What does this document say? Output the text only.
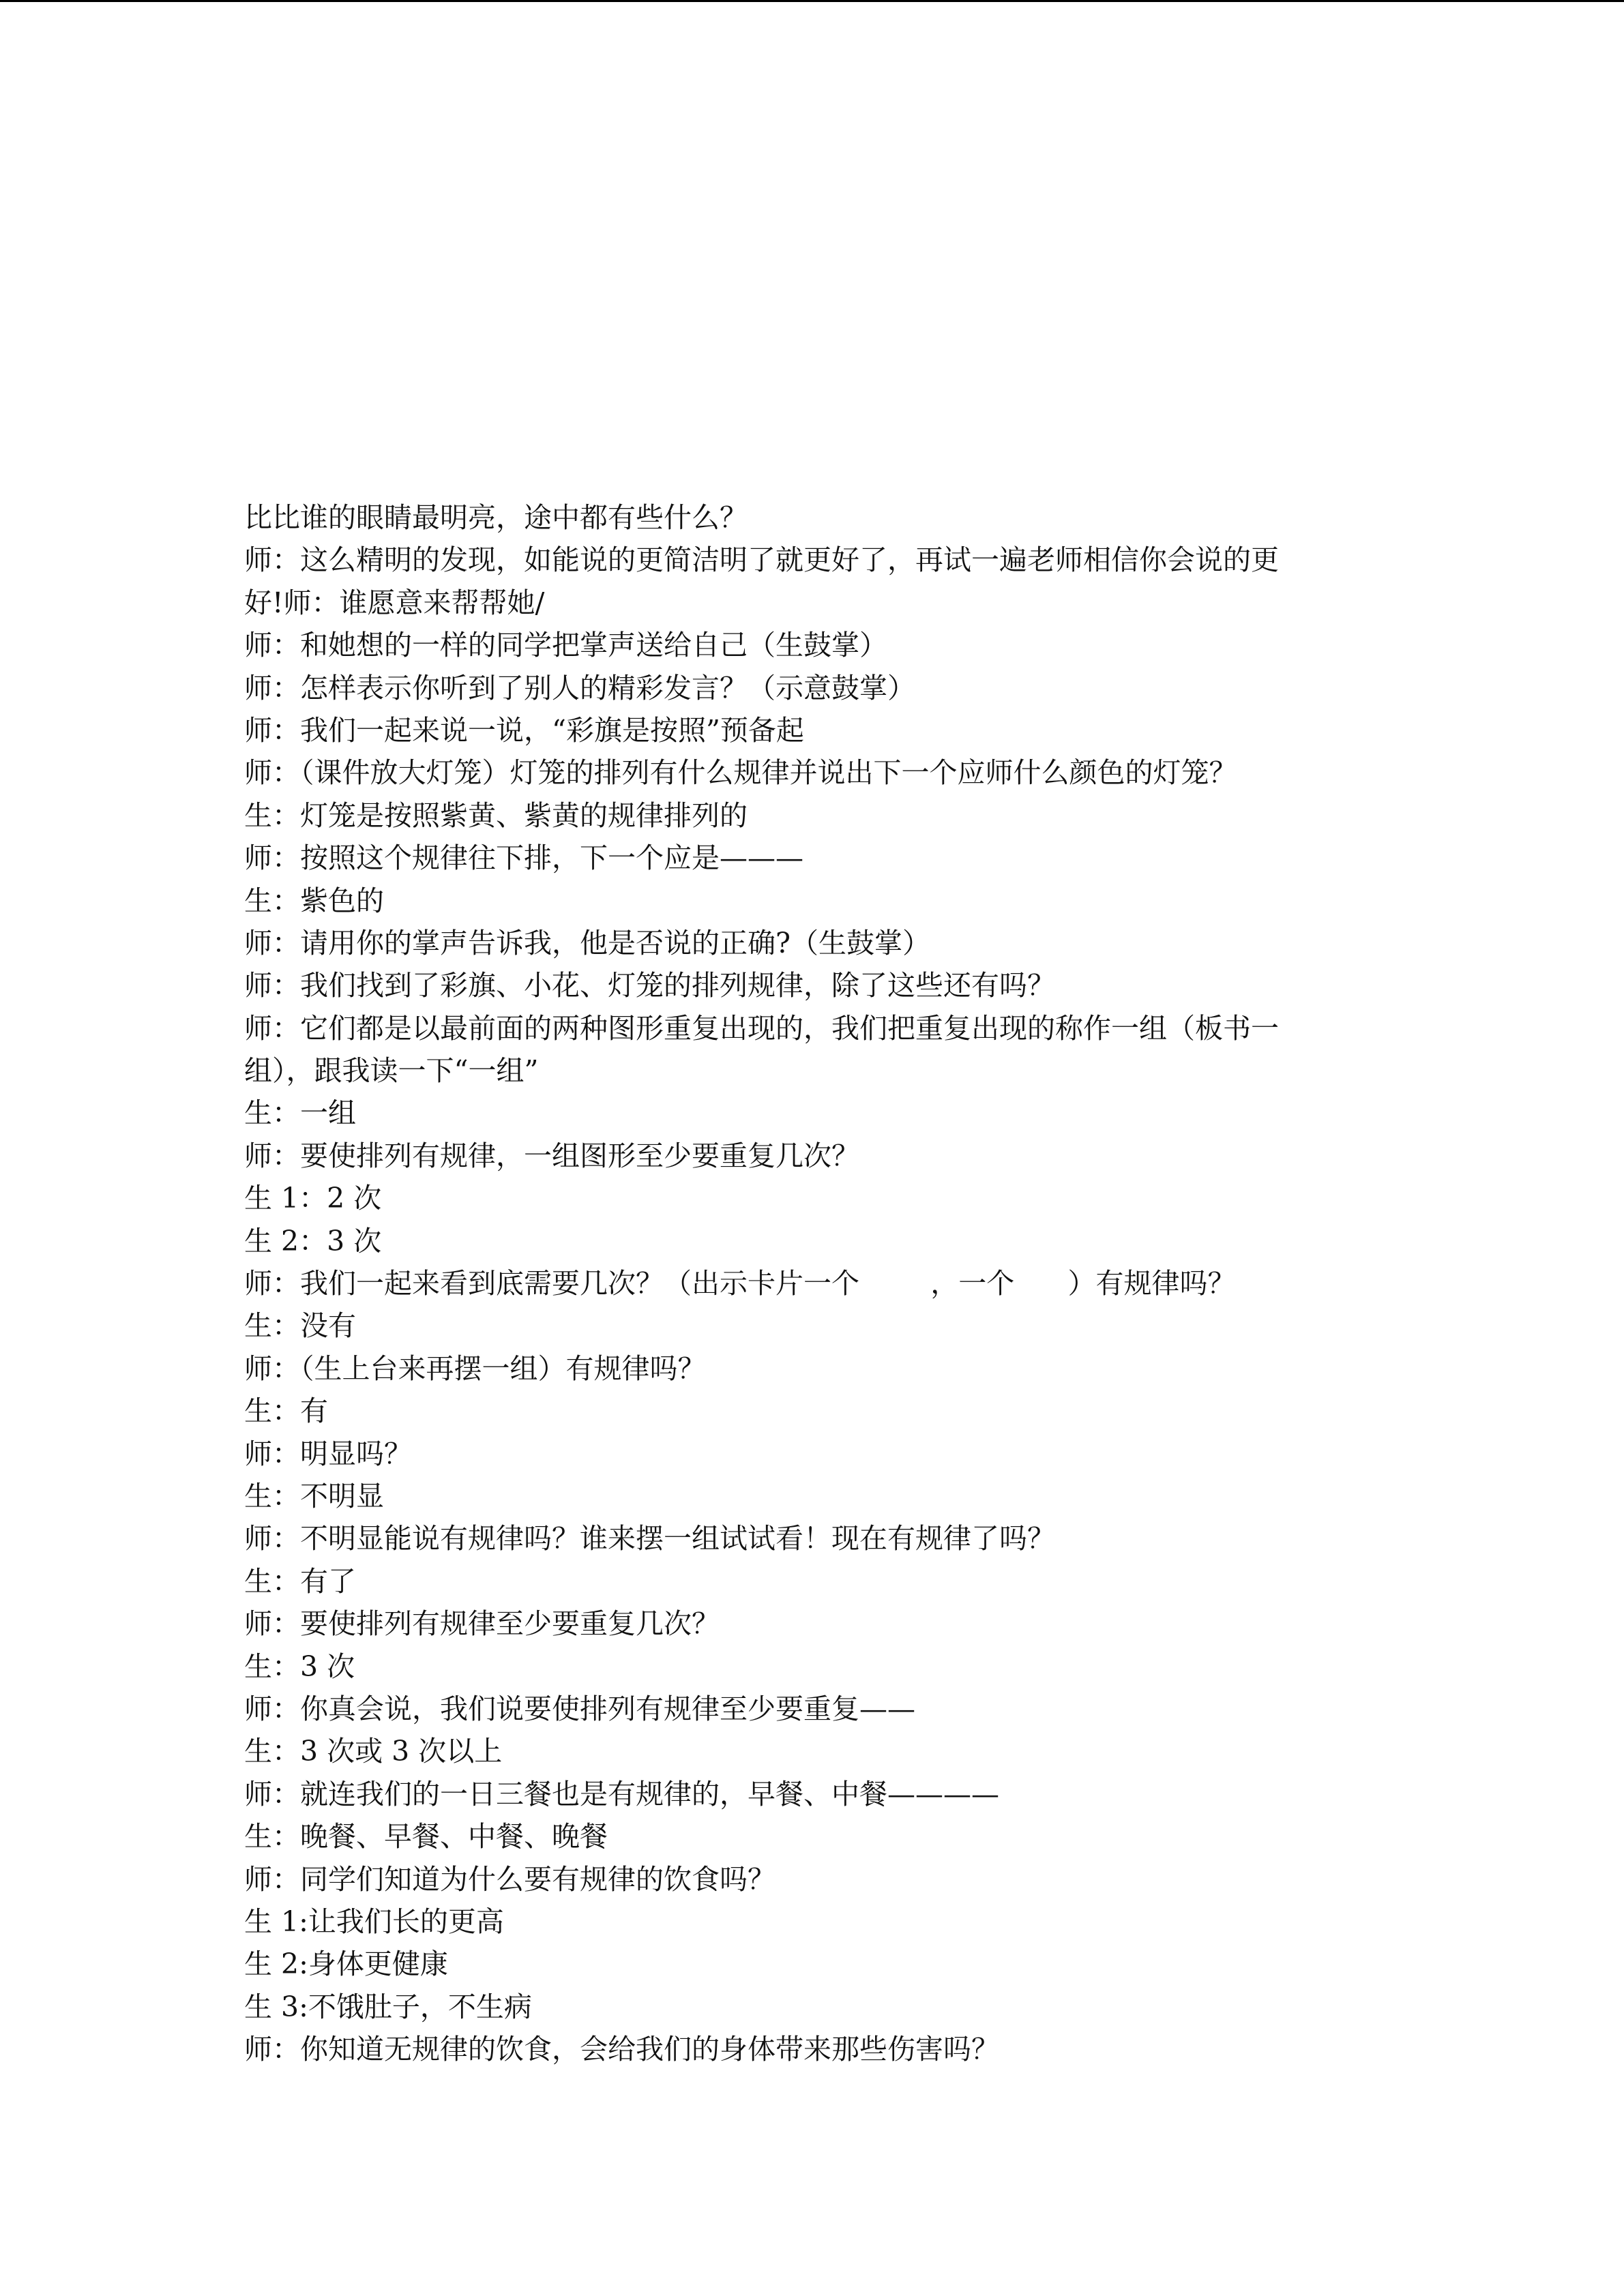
比比谁的眼睛最明亮，途中都有些什么？
师：这么精明的发现，如能说的更简洁明了就更好了，再试一遍老师相信你会说的更
好!师：谁愿意来帮帮她/
师：和她想的一样的同学把掌声送给自己（生鼓掌）
师：怎样表示你听到了别人的精彩发言？（示意鼓掌）
师：我们一起来说一说，“彩旗是按照”预备起
师：（课件放大灯笼）灯笼的排列有什么规律并说出下一个应师什么颜色的灯笼？
生：灯笼是按照紫黄、紫黄的规律排列的
师：按照这个规律往下排，下一个应是———
生：紫色的
师：请用你的掌声告诉我，他是否说的正确?（生鼓掌）
师：我们找到了彩旗、小花、灯笼的排列规律，除了这些还有吗？
师：它们都是以最前面的两种图形重复出现的，我们把重复出现的称作一组（板书一
组），跟我读一下“一组”
生：一组
师：要使排列有规律，一组图形至少要重复几次？
生 1：2 次
生 2：3 次
师：我们一起来看到底需要几次？（出示卡片一个        ，一个      ）有规律吗？
生：没有
师：（生上台来再摆一组）有规律吗？
生：有
师：明显吗？
生：不明显
师：不明显能说有规律吗？谁来摆一组试试看！现在有规律了吗？
生：有了
师：要使排列有规律至少要重复几次？
生：3 次
师：你真会说，我们说要使排列有规律至少要重复——
生：3 次或 3 次以上
师：就连我们的一日三餐也是有规律的，早餐、中餐————
生：晚餐、早餐、中餐、晚餐
师：同学们知道为什么要有规律的饮食吗？
生 1:让我们长的更高
生 2:身体更健康
生 3:不饿肚子，不生病
师：你知道无规律的饮食，会给我们的身体带来那些伤害吗？
